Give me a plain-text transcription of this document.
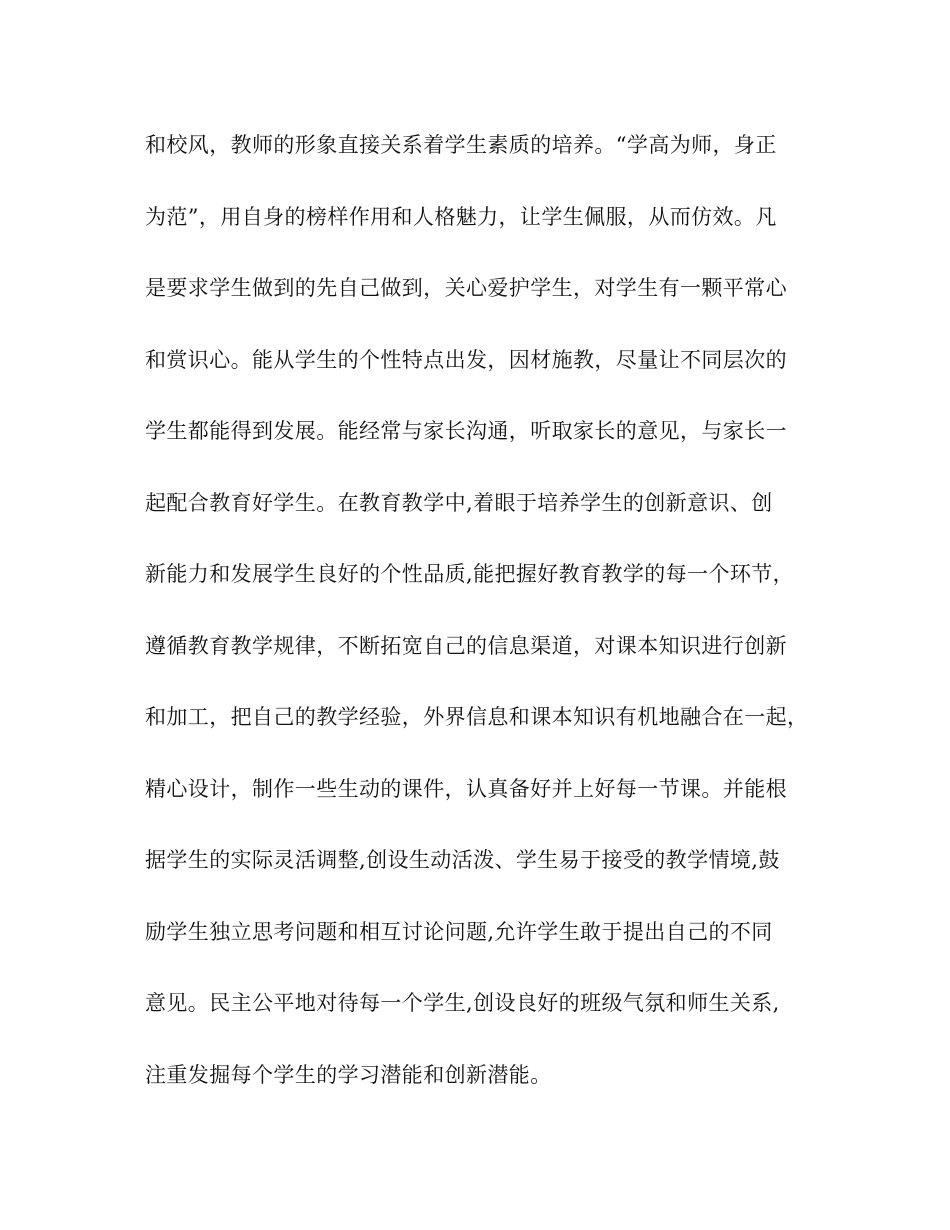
和校风，教师的形象直接关系着学生素质的培养。“学高为师，身正
为范”，用自身的榜样作用和人格魅力，让学生佩服，从而仿效。凡
是要求学生做到的先自己做到，关心爱护学生，对学生有一颗平常心
和赏识心。能从学生的个性特点出发，因材施教，尽量让不同层次的
学生都能得到发展。能经常与家长沟通，听取家长的意见，与家长一
起配合教育好学生。在教育教学中,着眼于培养学生的创新意识、创
新能力和发展学生良好的个性品质,能把握好教育教学的每一个环节，
遵循教育教学规律，不断拓宽自己的信息渠道，对课本知识进行创新
和加工，把自己的教学经验，外界信息和课本知识有机地融合在一起，
精心设计，制作一些生动的课件，认真备好并上好每一节课。并能根
据学生的实际灵活调整,创设生动活泼、学生易于接受的教学情境,鼓
励学生独立思考问题和相互讨论问题,允许学生敢于提出自己的不同
意见。民主公平地对待每一个学生,创设良好的班级气氛和师生关系,
注重发掘每个学生的学习潜能和创新潜能。
